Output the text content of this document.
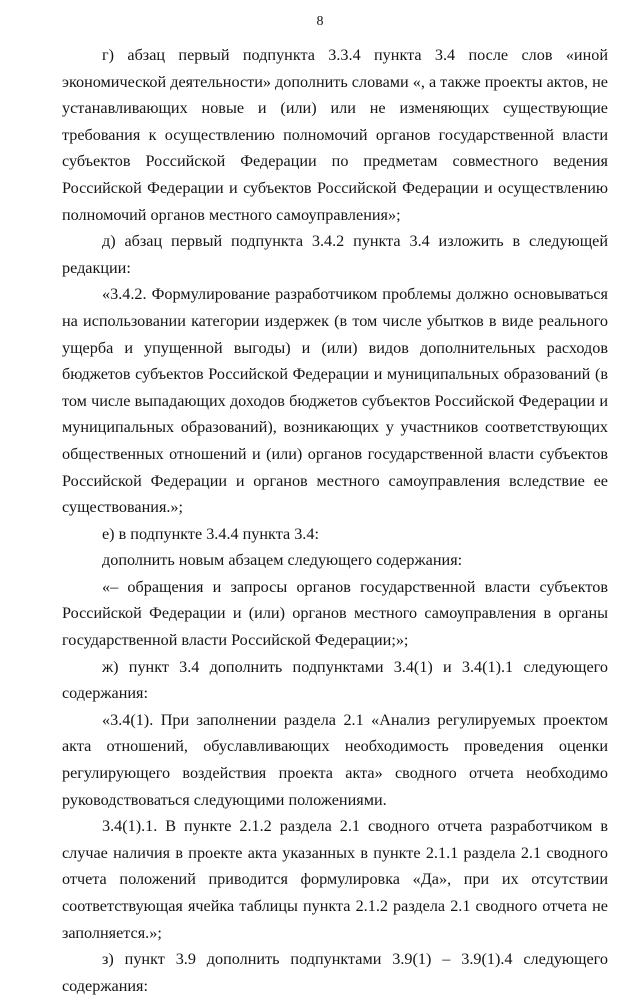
8

г) абзац первый подпункта 3.3.4 пункта 3.4 после слов «иной экономической деятельности» дополнить словами «, а также проекты актов, не устанавливающих новые и (или) или не изменяющих существующие требования к осуществлению полномочий органов государственной власти субъектов Российской Федерации по предметам совместного ведения Российской Федерации и субъектов Российской Федерации и осуществлению полномочий органов местного самоуправления»;

д) абзац первый подпункта 3.4.2 пункта 3.4 изложить в следующей редакции:

«3.4.2. Формулирование разработчиком проблемы должно основываться на использовании категории издержек (в том числе убытков в виде реального ущерба и упущенной выгоды) и (или) видов дополнительных расходов бюджетов субъектов Российской Федерации и муниципальных образований (в том числе выпадающих доходов бюджетов субъектов Российской Федерации и муниципальных образований), возникающих у участников соответствующих общественных отношений и (или) органов государственной власти субъектов Российской Федерации и органов местного самоуправления вследствие ее существования.»;

е) в подпункте 3.4.4 пункта 3.4:

дополнить новым абзацем следующего содержания:

«– обращения и запросы органов государственной власти субъектов Российской Федерации и (или) органов местного самоуправления в органы государственной власти Российской Федерации;»;

ж) пункт 3.4 дополнить подпунктами 3.4(1) и 3.4(1).1 следующего содержания:

«3.4(1). При заполнении раздела 2.1 «Анализ регулируемых проектом акта отношений, обуславливающих необходимость проведения оценки регулирующего воздействия проекта акта» сводного отчета необходимо руководствоваться следующими положениями.

3.4(1).1. В пункте 2.1.2 раздела 2.1 сводного отчета разработчиком в случае наличия в проекте акта указанных в пункте 2.1.1 раздела 2.1 сводного отчета положений приводится формулировка «Да», при их отсутствии соответствующая ячейка таблицы пункта 2.1.2 раздела 2.1 сводного отчета не заполняется.»;

з) пункт 3.9 дополнить подпунктами 3.9(1) – 3.9(1).4 следующего содержания:
